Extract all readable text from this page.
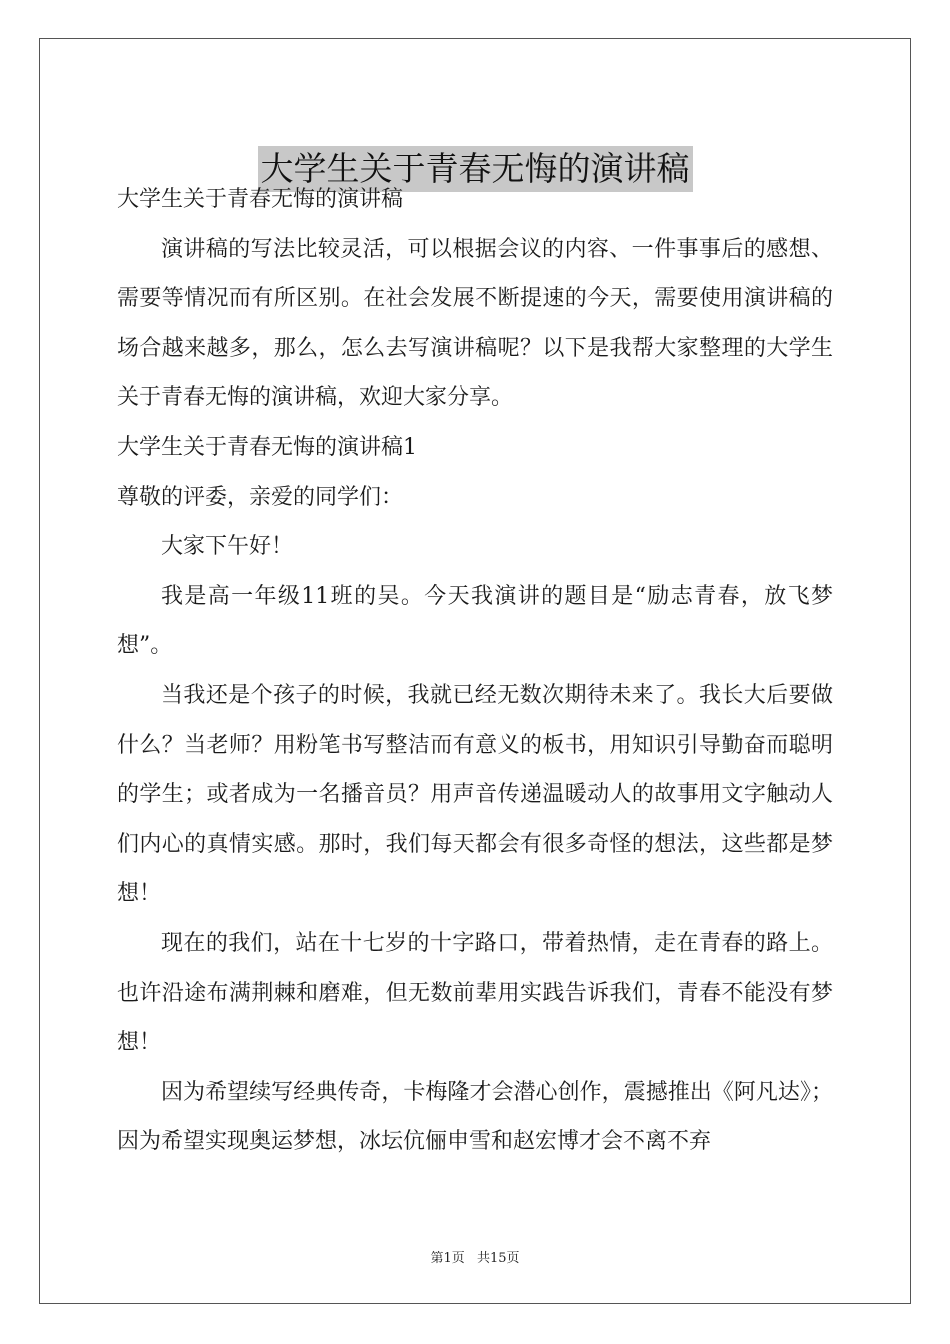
大学生关于青春无悔的演讲稿

大学生关于青春无悔的演讲稿

演讲稿的写法比较灵活，可以根据会议的内容、一件事事后的感想、需要等情况而有所区别。在社会发展不断提速的今天，需要使用演讲稿的场合越来越多，那么，怎么去写演讲稿呢？以下是我帮大家整理的大学生关于青春无悔的演讲稿，欢迎大家分享。

大学生关于青春无悔的演讲稿1

尊敬的评委，亲爱的同学们：

大家下午好！

我是高一年级11班的吴。今天我演讲的题目是“励志青春，放飞梦想”。

当我还是个孩子的时候，我就已经无数次期待未来了。我长大后要做什么？当老师？用粉笔书写整洁而有意义的板书，用知识引导勤奋而聪明的学生；或者成为一名播音员？用声音传递温暖动人的故事用文字触动人们内心的真情实感。那时，我们每天都会有很多奇怪的想法，这些都是梦想！

现在的我们，站在十七岁的十字路口，带着热情，走在青春的路上。也许沿途布满荆棘和磨难，但无数前辈用实践告诉我们，青春不能没有梦想！

因为希望续写经典传奇，卡梅隆才会潜心创作，震撼推出《阿凡达》；因为希望实现奥运梦想，冰坛伉俪申雪和赵宏博才会不离不弃

第1页 共15页
